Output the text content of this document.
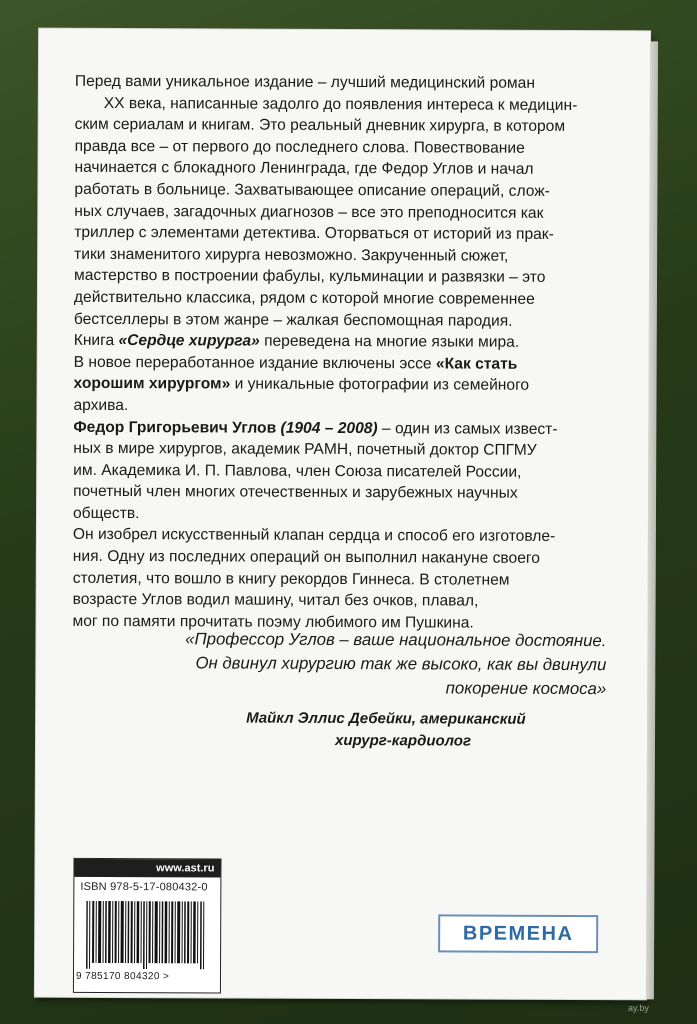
Перед вами уникальное издание – лучший медицинский роман

XX века, написанные задолго до появления интереса к медицин-

ским сериалам и книгам. Это реальный дневник хирурга, в котором

правда все – от первого до последнего слова. Повествование

начинается с блокадного Ленинграда, где Федор Углов и начал

работать в больнице. Захватывающее описание операций, слож-

ных случаев, загадочных диагнозов – все это преподносится как

триллер с элементами детектива. Оторваться от историй из прак-

тики знаменитого хирурга невозможно. Закрученный сюжет,

мастерство в построении фабулы, кульминации и развязки – это

действительно классика, рядом с которой многие современнее

бестселлеры в этом жанре – жалкая беспомощная пародия.

Книга «Сердце хирурга» переведена на многие языки мира.

В новое переработанное издание включены эссе «Как стать

хорошим хирургом» и уникальные фотографии из семейного

архива.

Федор Григорьевич Углов (1904 – 2008) – один из самых извест-

ных в мире хирургов, академик РАМН, почетный доктор СПГМУ

им. Академика И. П. Павлова, член Союза писателей России,

почетный член многих отечественных и зарубежных научных

обществ.

Он изобрел искусственный клапан сердца и способ его изготовле-

ния. Одну из последних операций он выполнил накануне своего

столетия, что вошло в книгу рекордов Гиннеса. В столетнем

возрасте Углов водил машину, читал без очков, плавал,

мог по памяти прочитать поэму любимого им Пушкина.

«Профессор Углов – ваше национальное достояние.

Он двинул хирургию так же высоко, как вы двинули

покорение космоса»

Майкл Эллис Дебейки, американский

хирург-кардиолог

www.ast.ru
ISBN 978-5-17-080432-0
9 785170 804320 >
ВРЕМЕНА
ay.by
